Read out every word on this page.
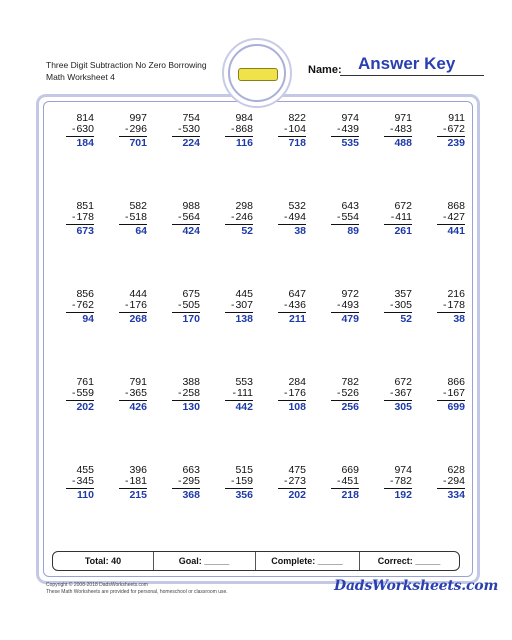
Three Digit Subtraction No Zero Borrowing
Math Worksheet 4
Name: Answer Key
814
-630
184
997
-296
701
754
-530
224
984
-868
116
822
-104
718
974
-439
535
971
-483
488
911
-672
239
851
-178
673
582
-518
64
988
-564
424
298
-246
52
532
-494
38
643
-554
89
672
-411
261
868
-427
441
856
-762
94
444
-176
268
675
-505
170
445
-307
138
647
-436
211
972
-493
479
357
-305
52
216
-178
38
761
-559
202
791
-365
426
388
-258
130
553
-111
442
284
-176
108
782
-526
256
672
-367
305
866
-167
699
455
-345
110
396
-181
215
663
-295
368
515
-159
356
475
-273
202
669
-451
218
974
-782
192
628
-294
334
Total: 40	Goal: _____	Complete: _____	Correct: _____
Copyright © 2008-2018 DadsWorksheets.com
These Math Worksheets are provided for personal, homeschool or classroom use.	DadsWorksheets.com
